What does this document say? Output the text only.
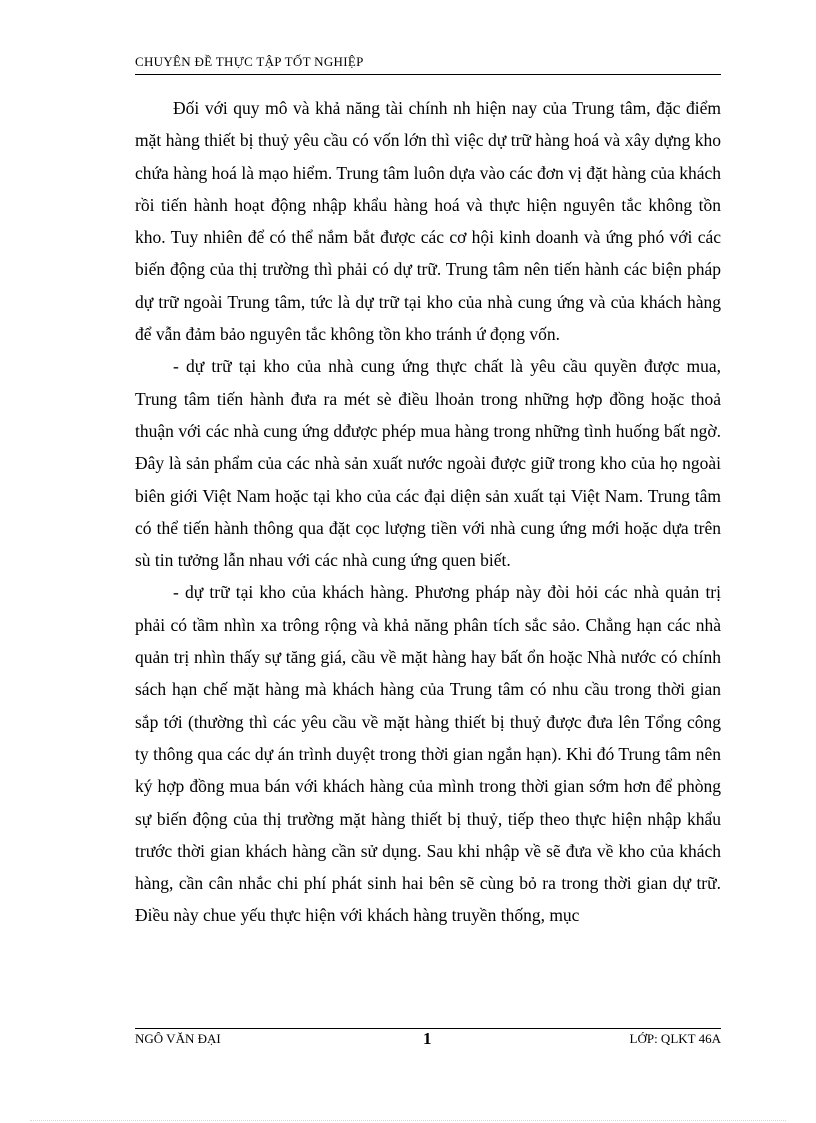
CHUYÊN ĐỀ THỰC TẬP TỐT NGHIỆP

Đối với quy mô và khả năng tài chính nh hiện nay của Trung tâm, đặc điểm mặt hàng thiết bị thuỷ yêu cầu có vốn lớn thì việc dự trữ hàng hoá và xây dựng kho chứa hàng hoá là mạo hiểm. Trung tâm luôn dựa vào các đơn vị đặt hàng của khách rồi tiến hành hoạt động nhập khẩu hàng hoá và thực hiện nguyên tắc không tồn kho. Tuy nhiên để có thể nắm bắt được các cơ hội kinh doanh và ứng phó với các biến động của thị trường thì phải có dự trữ. Trung tâm nên tiến hành các biện pháp dự trữ ngoài Trung tâm, tức là dự trữ tại kho của nhà cung ứng và của khách hàng để vẫn đảm bảo nguyên tắc không tồn kho tránh ứ đọng vốn.

- dự trữ tại kho của nhà cung ứng thực chất là yêu cầu quyền được mua, Trung tâm tiến hành đưa ra mét sè điều lhoản trong những hợp đồng hoặc thoả thuận với các nhà cung ứng dđược phép mua hàng trong những tình huống bất ngờ. Đây là sản phẩm của các nhà sản xuất nước ngoài được giữ trong kho của họ ngoài biên giới Việt Nam hoặc tại kho của các đại diện sản xuất tại Việt Nam. Trung tâm có thể tiến hành thông qua đặt cọc lượng tiền với nhà cung ứng mới hoặc dựa trên sù tin tưởng lẫn nhau với các nhà cung ứng quen biết.

- dự trữ tại kho của khách hàng. Phương pháp này đòi hỏi các nhà quản trị phải có tầm nhìn xa trông rộng và khả năng phân tích sắc sảo. Chẳng hạn các nhà quản trị nhìn thấy sự tăng giá, cầu về mặt hàng hay bất ổn hoặc Nhà nước có chính sách hạn chế mặt hàng mà khách hàng của Trung tâm có nhu cầu trong thời gian sắp tới (thường thì các yêu cầu về mặt hàng thiết bị thuỷ được đưa lên Tổng công ty thông qua các dự án trình duyệt trong thời gian ngắn hạn). Khi đó Trung tâm nên ký hợp đồng mua bán với khách hàng của mình trong thời gian sớm hơn để phòng sự biến động của thị trường mặt hàng thiết bị thuỷ, tiếp theo thực hiện nhập khẩu trước thời gian khách hàng cần sử dụng. Sau khi nhập về sẽ đưa về kho của khách hàng, cần cân nhắc chi phí phát sinh hai bên sẽ cùng bỏ ra trong thời gian dự trữ. Điều này chue yếu thực hiện với khách hàng truyền thống, mục

NGÔ VĂN ĐẠI	1	LỚP: QLKT 46A
